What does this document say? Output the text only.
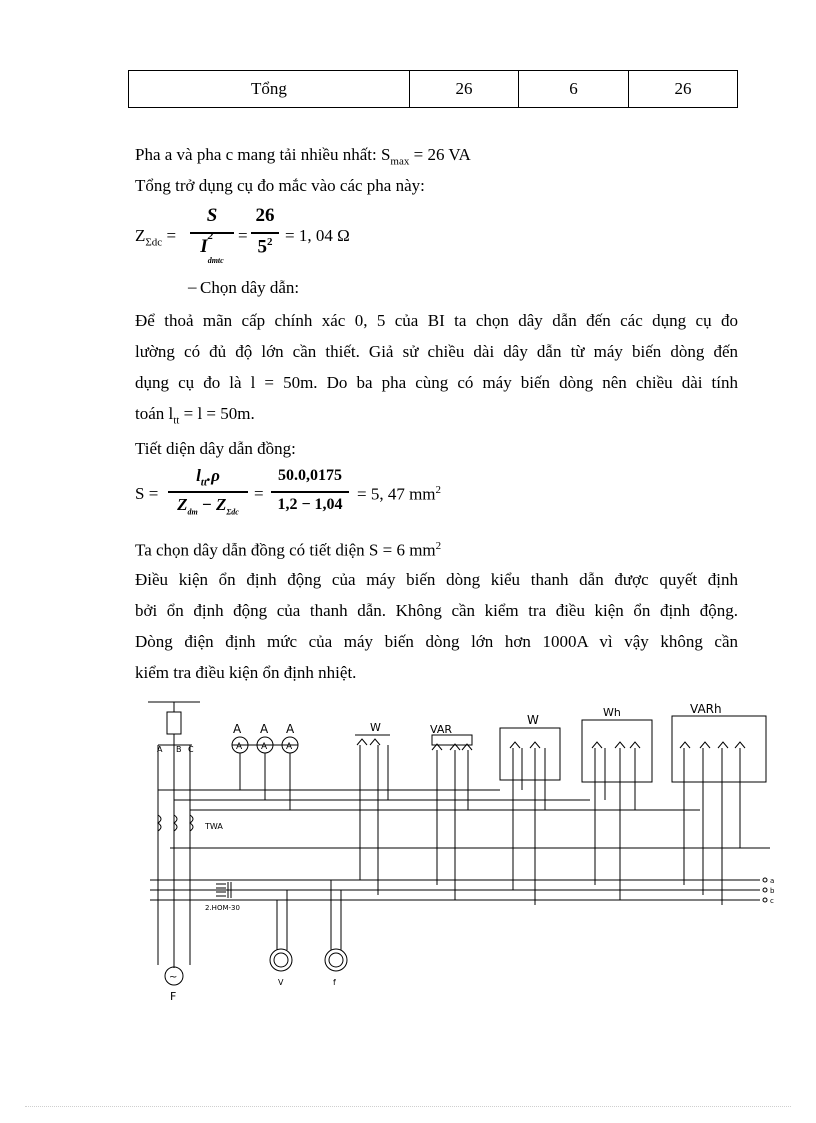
Tổng	26	6	26
Pha a và pha c mang tải nhiều nhất: $S_{max} = 26$ VA
Tổng trở dụng cụ đo mắc vào các pha này:
$Z_{\Sigma dc}$ =
S
I 2
$_{dmtc}$
=
26
$5^2 = 1$, 04 Ω
– Chọn dây dẫn:
Để thoả mãn cấp chính xác 0, 5 của BI ta chọn dây dẫn đến các dụng cụ đo
lường có đủ độ lớn cần thiết. Giả sử chiều dài dây dẫn từ máy biến dòng đến
dụng cụ đo là l = 50m. Do ba pha cùng có máy biến dòng nên chiều dài tính
toán $l_{tt} = l = 50m$.
Tiết diện dây dẫn đồng:
S =
$l_{tt}.\rho$
$Z_{dm} - Z_{\Sigma dc}$
=
50.0,0175
1,2 − 1,04
= 5, 47 $mm^2$
Ta chọn dây dẫn đồng có tiết diện S = 6 $mm^2$
Điều kiện ổn định động của máy biến dòng kiểu thanh dẫn được quyết định
bởi ổn định động của thanh dẫn. Không cần kiểm tra điều kiện ổn định động.
Dòng điện định mức của máy biến dòng lớn hơn 1000A vì vậy không cần
kiểm tra điều kiện ổn định nhiệt.
A B C
TWA
A A A
A A A
W	VAR
W
Wh	VARh
a
b
c
2.HOM-30
~
F
V	f
